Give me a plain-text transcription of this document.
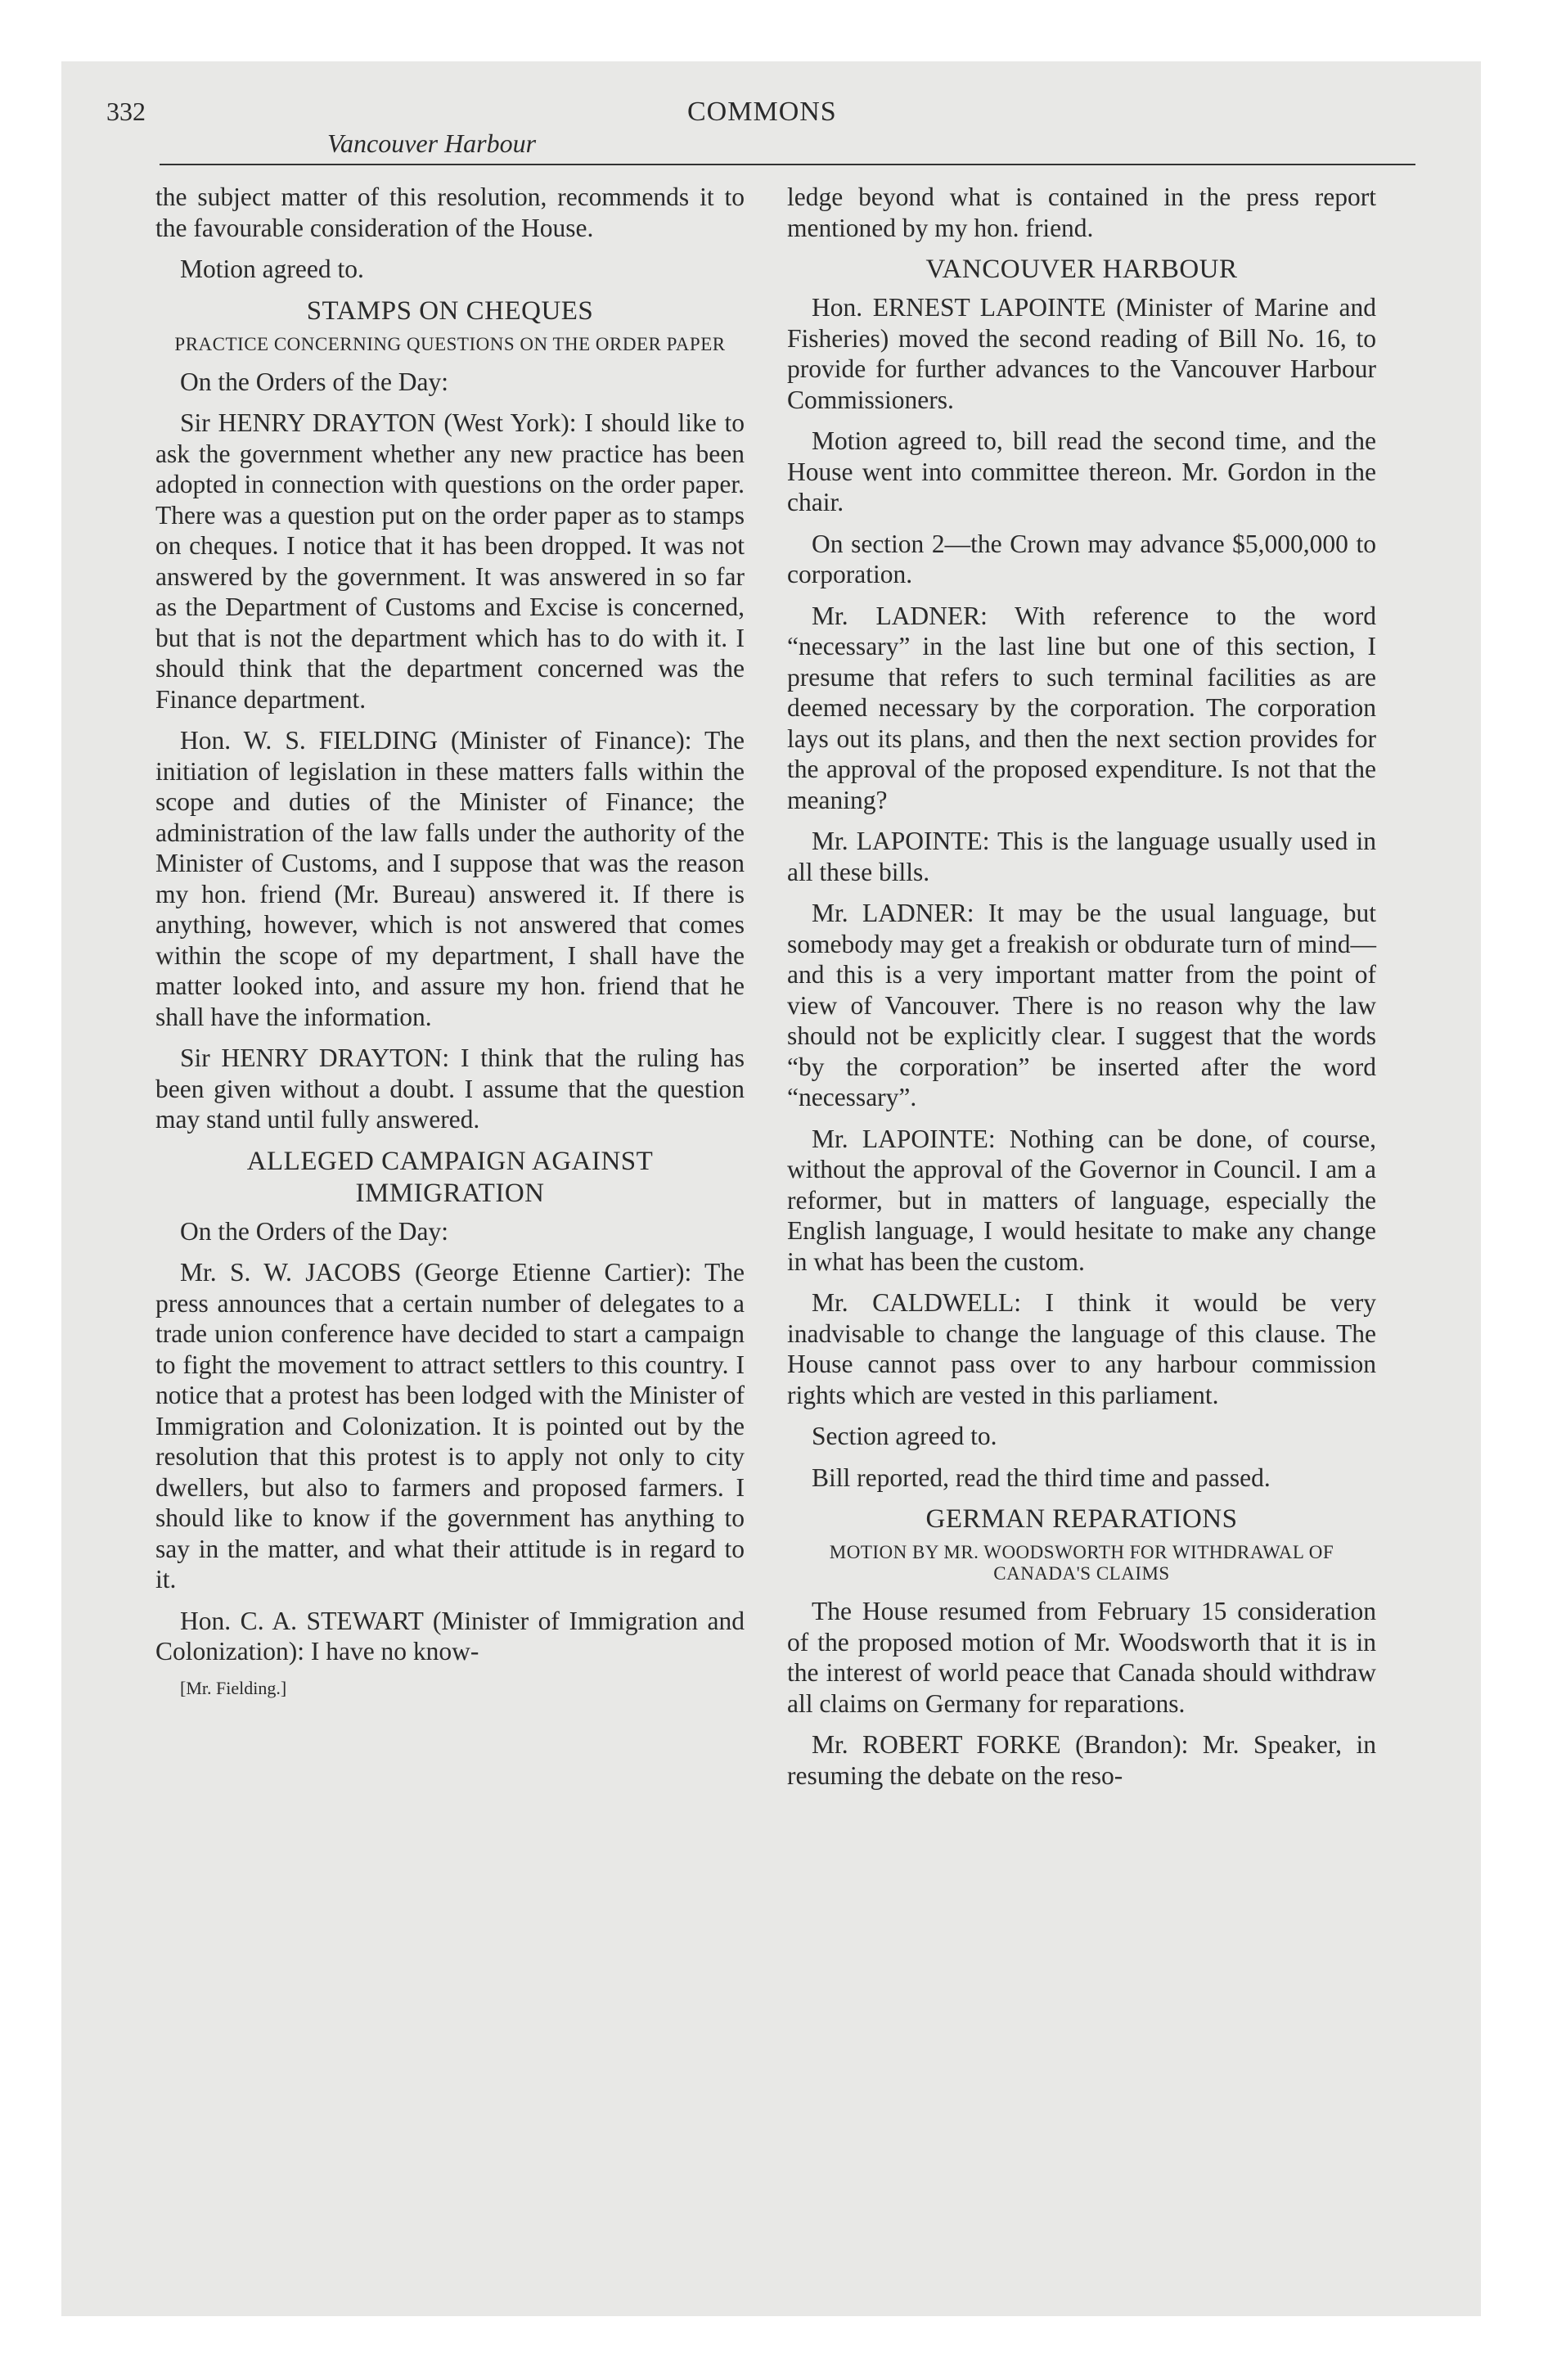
332	COMMONS
Vancouver Harbour

the subject matter of this resolution, recommends it to the favourable consideration of the House.

Motion agreed to.

STAMPS ON CHEQUES
PRACTICE CONCERNING QUESTIONS ON THE ORDER PAPER

On the Orders of the Day:

Sir HENRY DRAYTON (West York): I should like to ask the government whether any new practice has been adopted in connection with questions on the order paper. There was a question put on the order paper as to stamps on cheques. I notice that it has been dropped. It was not answered by the government. It was answered in so far as the Department of Customs and Excise is concerned, but that is not the department which has to do with it. I should think that the department concerned was the Finance department.

Hon. W. S. FIELDING (Minister of Finance): The initiation of legislation in these matters falls within the scope and duties of the Minister of Finance; the administration of the law falls under the authority of the Minister of Customs, and I suppose that was the reason my hon. friend (Mr. Bureau) answered it. If there is anything, however, which is not answered that comes within the scope of my department, I shall have the matter looked into, and assure my hon. friend that he shall have the information.

Sir HENRY DRAYTON: I think that the ruling has been given without a doubt. I assume that the question may stand until fully answered.

ALLEGED CAMPAIGN AGAINST IMMIGRATION

On the Orders of the Day:

Mr. S. W. JACOBS (George Etienne Cartier): The press announces that a certain number of delegates to a trade union conference have decided to start a campaign to fight the movement to attract settlers to this country. I notice that a protest has been lodged with the Minister of Immigration and Colonization. It is pointed out by the resolution that this protest is to apply not only to city dwellers, but also to farmers and proposed farmers. I should like to know if the government has anything to say in the matter, and what their attitude is in regard to it.

Hon. C. A. STEWART (Minister of Immigration and Colonization): I have no know-

[Mr. Fielding.]

ledge beyond what is contained in the press report mentioned by my hon. friend.

VANCOUVER HARBOUR

Hon. ERNEST LAPOINTE (Minister of Marine and Fisheries) moved the second reading of Bill No. 16, to provide for further advances to the Vancouver Harbour Commissioners.

Motion agreed to, bill read the second time, and the House went into committee thereon. Mr. Gordon in the chair.

On section 2—the Crown may advance $5,000,000 to corporation.

Mr. LADNER: With reference to the word “necessary” in the last line but one of this section, I presume that refers to such terminal facilities as are deemed necessary by the corporation. The corporation lays out its plans, and then the next section provides for the approval of the proposed expenditure. Is not that the meaning?

Mr. LAPOINTE: This is the language usually used in all these bills.

Mr. LADNER: It may be the usual language, but somebody may get a freakish or obdurate turn of mind—and this is a very important matter from the point of view of Vancouver. There is no reason why the law should not be explicitly clear. I suggest that the words “by the corporation” be inserted after the word “necessary”.

Mr. LAPOINTE: Nothing can be done, of course, without the approval of the Governor in Council. I am a reformer, but in matters of language, especially the English language, I would hesitate to make any change in what has been the custom.

Mr. CALDWELL: I think it would be very inadvisable to change the language of this clause. The House cannot pass over to any harbour commission rights which are vested in this parliament.

Section agreed to.

Bill reported, read the third time and passed.

GERMAN REPARATIONS
MOTION BY MR. WOODSWORTH FOR WITHDRAWAL OF CANADA'S CLAIMS

The House resumed from February 15 consideration of the proposed motion of Mr. Woodsworth that it is in the interest of world peace that Canada should withdraw all claims on Germany for reparations.

Mr. ROBERT FORKE (Brandon): Mr. Speaker, in resuming the debate on the reso-
